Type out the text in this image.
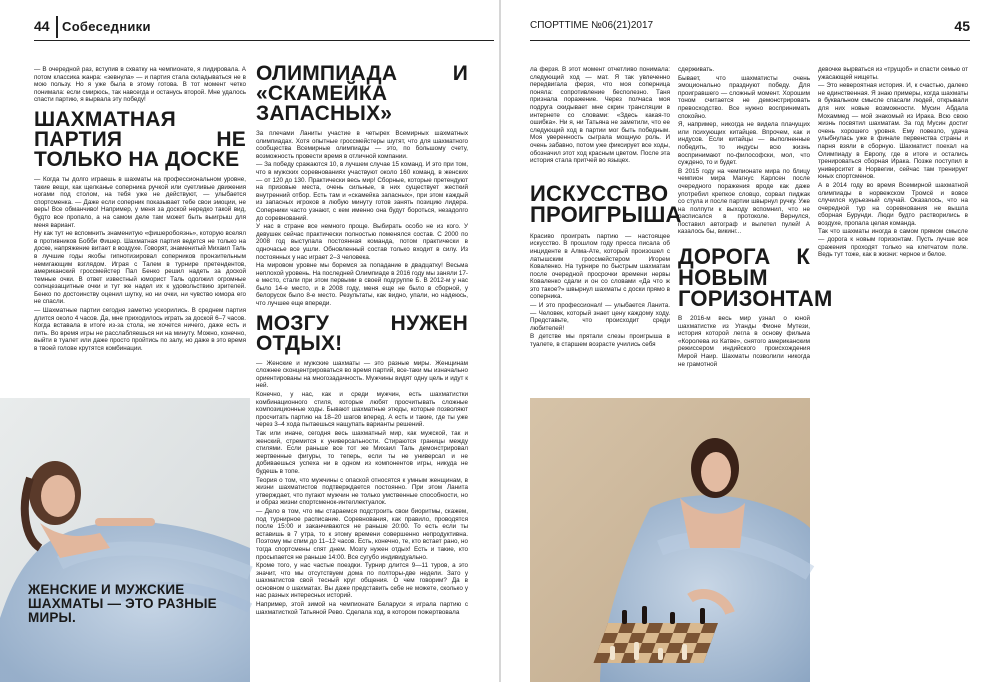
44 Собеседники

— В очередной раз, вступив в схватку на чемпионате, я лидировала. А потом классика жанра: «зевнула» — и партия стала складываться не в мою пользу. Но я уже была в этому готова. В тот момент четко понимала: если смирюсь, так навсегда и останусь второй. Мне удалось спасти партию, я вырвала эту победу!

ШАХМАТНАЯ ПАРТИЯ НЕ ТОЛЬКО НА ДОСКЕ

— Когда ты долго играешь в шахматы на профессиональном уровне, такие вещи, как щелканье соперника ручкой или суетливые движения ногами под столом, на тебя уже не действуют, — улыбается спортсменка. — Даже если соперник показывает тебе свои эмоции, не верь! Все обманчиво! Например, у меня за доской нередко такой вид, будто все пропало, а на самом деле там может быть выигрыш для меня вариант.

Ну как тут не вспомнить знаменитую «фишеробоязнь», которую вселял в противников Бобби Фишер. Шахматная партия ведется не только на доске, напряжение витает в воздухе. Говорят, знаменитый Михаил Таль в лучшие годы якобы гипнотизировал соперников пронзительным немигающим взглядом. Играя с Талем в турнире претендентов, американский гроссмейстер Пал Бенко решил надеть за доской темные очки. В ответ известный юморист Таль одолжил огромные солнцезащитные очки и тут же надел их к удовольствию зрителей. Бенко по достоинству оценил шутку, но ни очки, ни чувство юмора его не спасли.

— Шахматные партии сегодня заметно ускорились. В среднем партия длится около 4 часов. Да, мне приходилось играть за доской 6–7 часов. Когда вставала в итоге из-за стола, не хочется ничего, даже есть и пить. Во время игры не расслабляешься ни на минуту. Можно, конечно, выйти в туалет или даже просто пройтись по залу, но даже в это время в твоей голове крутятся комбинации.

ОЛИМПИАДА И «СКАМЕЙКА ЗАПАСНЫХ»

За плечами Ланиты участие в четырех Всемирных шахматных олимпиадах. Хотя опытные гроссмейстеры шутят, что для шахматного сообщества Всемирные олимпиады — это, по большому счету, возможность провести время в отличной компании.

— За победу сражаются 10, в лучшем случае 15 команд. И это при том, что в мужских соревнованиях участвуют около 160 команд, в женских — от 120 до 130. Практически весь мир! Сборные, которые претендуют на призовые места, очень сильные, в них существует жесткий внутренний отбор. Есть там и «скамейка запасных», при этом каждый из запасных игроков в любую минуту готов занять позицию лидера. Соперники часто узнают, с кем именно она будут бороться, незадолго до соревнований.

У нас в стране все немного проще. Выбирать особо не из кого. У девушек сейчас практически полностью поменялся состав. С 2000 по 2008 год выступала постоянная команда, потом практически в одночасье все ушли. Обновленный состав только входит в силу. Из постоянных у нас играет 2–3 человека.

На мировом уровне мы боремся за попадание в двадцатку! Весьма неплохой уровень. На последней Олимпиаде в 2016 году мы заняли 17-е место, стали при этом первыми в своей подгруппе Б. В 2012-м у нас было 14-е место, и в 2008 году, меня еще не было в сборной, у белорусок было 8-е место. Результаты, как видно, упали, но надеюсь, что лучшее еще впереди.

МОЗГУ НУЖЕН ОТДЫХ!

— Женские и мужские шахматы — это разные миры. Женщинам сложнее сконцентрироваться во время партий, все-таки мы изначально ориентированы на многозадачность. Мужчины видят одну цель и идут к ней.

Конечно, у нас, как и среди мужчин, есть шахматистки комбинационного стиля, которые любят просчитывать сложные композиционные ходы. Бывают шахматные этюды, которые позволяют просчитать партию на 18–20 шагов вперед. А есть и такие, где ты уже через 3–4 хода пытаешься нащупать варианты решений.

Так или иначе, сегодня весь шахматный мир, как мужской, так и женский, стремится к универсальности. Стираются границы между стилями. Если раньше все тот же Михаил Таль демонстрировал жертвенные фигуры, то теперь, если ты не универсал и не добиваешься успеха ни в одном из компонентов игры, никуда не будешь в топе.

Теория о том, что мужчины с опаской относятся к умным женщинам, в жизни шахматистов подтверждается постоянно. При этом Ланита утверждает, что пугают мужчин не только умственные способности, но и образ жизни спортсменок-интеллектуалок.

— Дело в том, что мы стараемся подстроить свои биоритмы, скажем, под турнирное расписание. Соревнования, как правило, проводятся после 15:00 и заканчиваются не раньше 20:00. То есть если ты вставишь в 7 утра, то к этому времени совершенно непродуктивна. Поэтому мы спим до 11–12 часов. Есть, конечно, те, кто встает рано, но тогда спортсмены спят днем. Мозгу нужен отдых! Есть и такие, кто просыпается не раньше 14:00. Все сугубо индивидуально.

Кроме того, у нас частые поездки. Турнир длится 9—11 туров, а это значит, что мы отсутствуем дома по полторы-две недели. Зато у шахматистов свой тесный круг общения. О чем говорим? Да в основном о шахматах. Вы даже представить себе не можете, сколько у нас разных интересных историй.

Например, этой зимой на чемпионате Беларуси я играла партию с шахматисткой Татьяной Рево. Сделала ход, в котором пожертвовала

ЖЕНСКИЕ И МУЖСКИЕ ШАХМАТЫ — ЭТО РАЗНЫЕ МИРЫ.
СПОРТТІМЕ №06(21)2017	45

ла ферзя. В этот момент отчетливо понимала: следующий ход — мат. Я так увлеченно передвигала ферзя, что моя соперница поняла: сопротивление бесполезно. Таня признала поражение. Через полчаса моя подруга скидывает мне скрин трансляции в интернете со словами: «Здесь какая-то ошибка». Ни я, ни Татьяна не заметили, что ее следующий ход в партии мог быть победным. Моя уверенность сыграла мощную роль. И очень забавно, потом уже фиксирует все ходы, обозначил этот ход красным цветом. После эта история стала притчей во языцех.

ИСКУССТВО ПРОИГРЫША

Красиво проиграть партию — настоящее искусство. В прошлом году пресса писала об инциденте в Алма-Ате, который произошел с латышским гроссмейстером Игорем Коваленко. На турнире по быстрым шахматам после очередной просрочки времени нервы Коваленко сдали и он со словами «Да что ж это такое?» швырнул шахматы с доски прямо в соперника.

— И это профессионал! — улыбается Ланита. — Человек, который знает цену каждому ходу. Представьте, что происходит среди любителей!

В детстве мы прятали слезы проигрыша в туалете, в старшем возрасте учились себя

сдерживать.

Бывает, что шахматисты очень эмоционально празднуют победу. Для проигравшего — сложный момент. Хорошим тоном считается не демонстрировать превосходство. Все нужно воспринимать спокойно.

Я, например, никогда не видела плачущих или психующих китайцев. Впрочем, как и индусов. Если китайцы — выполненные победить, то индусы всю жизнь воспринимают по-философски, мол, что суждено, то и будет.

В 2015 году на чемпионате мира по блицу чемпион мира Магнус Карлсен после очередного поражения вроде как даже употребил крепкое словцо, сорвал пиджак со стула и после партии швырнул ручку. Уже на полпути к выходу вспомнил, что не расписался в протоколе. Вернулся, поставил автограф и вылетел пулей! А казалось бы, викинг...

ДОРОГА К НОВЫМ ГОРИЗОНТАМ

В 2016-м весь мир узнал о юной шахматистке из Уганды Фионе Мутези, история которой легла в основу фильма «Королева из Катве», снятого американским режиссером индийского происхождения Мирой Наир. Шахматы позволили никогда не грамотной

девочке вырваться из «трущоб» и спасти семью от ужасающей нищеты.

— Это невероятная история. И, к счастью, далеко не единственная. Я знаю примеры, когда шахматы в буквальном смысле спасали людей, открывали для них новые возможности. Мусин Абдала Мохаммед — мой знакомый из Ирака. Всю свою жизнь посвятил шахматам. За год Мусин достиг очень хорошего уровня. Ему повезло, удача улыбнулась уже в финале первенства страны и парня взяли в сборную. Шахматист поехал на Олимпиаду в Европу, где в итоге и остались тренироваться сборная Ирака. Позже поступил в университет в Норвегии, сейчас там тренирует юных спортсменов.

А в 2014 году во время Всемирной шахматной олимпиады в норвежском Тромсё и вовсе случился курьезный случай. Оказалось, что на очередной тур на соревнования не вышла сборная Бурунди. Люди будто растворились в воздухе, пропала целая команда.

Так что шахматы иногда в самом прямом смысле — дорога к новым горизонтам. Пусть лучше все сражения проходят только на клетчатом поле. Ведь тут тоже, как в жизни: черное и белое.
